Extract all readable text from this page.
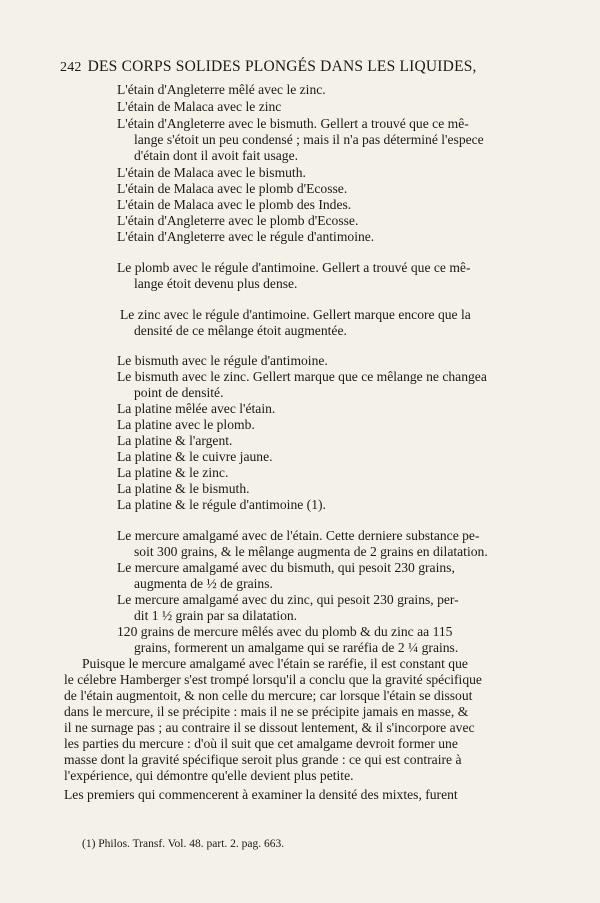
242 DES CORPS SOLIDES PLONGÉS DANS LES LIQUIDES,
L'étain d'Angleterre mêlé avec le zinc.
L'étain de Malaca avec le zinc
L'étain d'Angleterre avec le bismuth. Gellert a trouvé que ce mê-
lange s'étoit un peu condensé ; mais il n'a pas déterminé l'espece
d'étain dont il avoit fait usage.
L'étain de Malaca avec le bismuth.
L'étain de Malaca avec le plomb d'Ecosse.
L'étain de Malaca avec le plomb des Indes.
L'étain d'Angleterre avec le plomb d'Ecosse.
L'étain d'Angleterre avec le régule d'antimoine.
Le plomb avec le régule d'antimoine. Gellert a trouvé que ce mê-
lange étoit devenu plus dense.
Le zinc avec le régule d'antimoine. Gellert marque encore que la
densité de ce mêlange étoit augmentée.
Le bismuth avec le régule d'antimoine.
Le bismuth avec le zinc. Gellert marque que ce mêlange ne changea
point de densité.
La platine mêlée avec l'étain.
La platine avec le plomb.
La platine & l'argent.
La platine & le cuivre jaune.
La platine & le zinc.
La platine & le bismuth.
La platine & le régule d'antimoine (1).
Le mercure amalgamé avec de l'étain. Cette derniere substance pe-
soit 300 grains, & le mêlange augmenta de 2 grains en dilatation.
Le mercure amalgamé avec du bismuth, qui pesoit 230 grains,
augmenta de ½ de grains.
Le mercure amalgamé avec du zinc, qui pesoit 230 grains, per-
dit 1 ½ grain par sa dilatation.
120 grains de mercure mêlés avec du plomb & du zinc aa 115
grains, formerent un amalgame qui se raréfia de 2 ¼ grains.
Puisque le mercure amalgamé avec l'étain se raréfie, il est constant que
le célebre Hamberger s'est trompé lorsqu'il a conclu que la gravité spécifique
de l'étain augmentoit, & non celle du mercure; car lorsque l'étain se dissout
dans le mercure, il se précipite : mais il ne se précipite jamais en masse, &
il ne surnage pas ; au contraire il se dissout lentement, & il s'incorpore avec
les parties du mercure : d'où il suit que cet amalgame devroit former une
masse dont la gravité spécifique seroit plus grande : ce qui est contraire à
l'expérience, qui démontre qu'elle devient plus petite.
Les premiers qui commencerent à examiner la densité des mixtes, furent
(1) Philos. Transf. Vol. 48. part. 2. pag. 663.
